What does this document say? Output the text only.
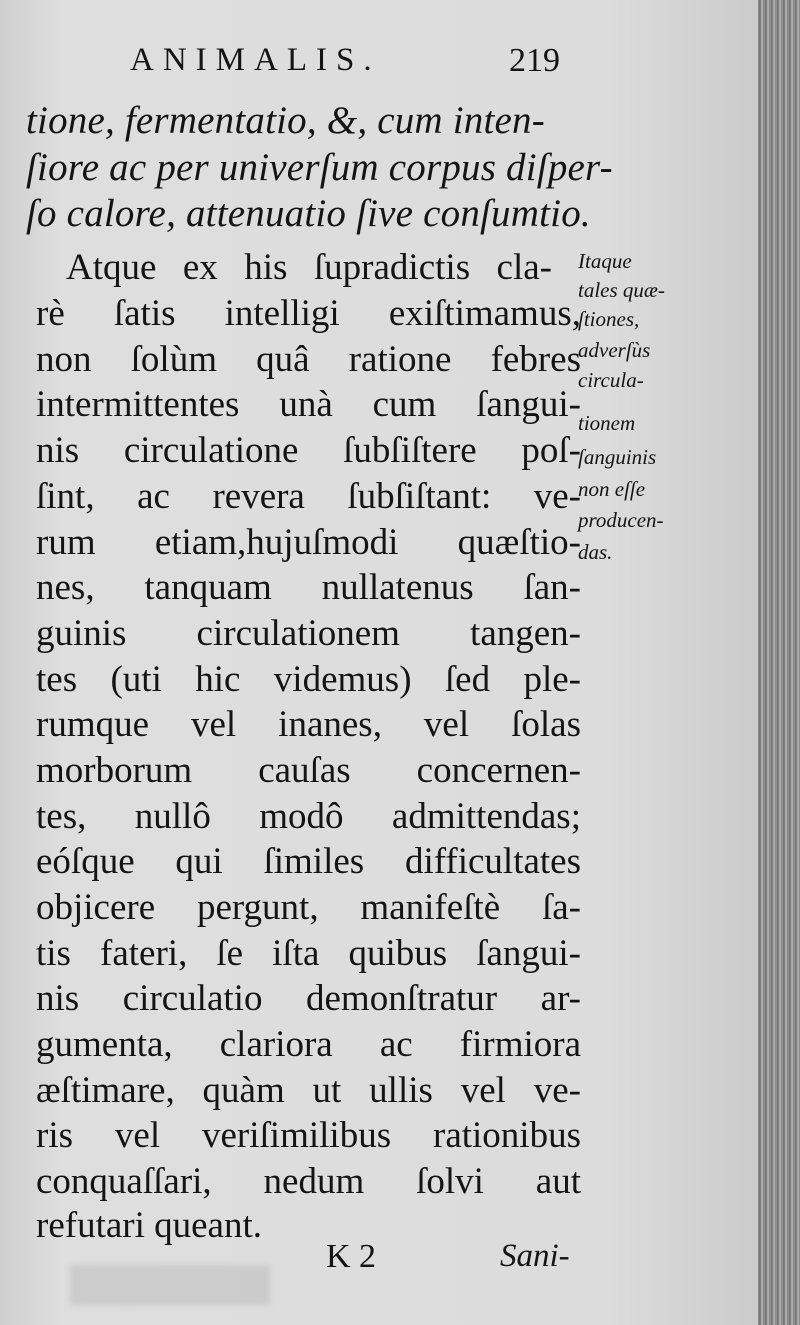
ANIMALIS.	219
tione, fermentatio, &, cum inten-
ſiore ac per univerſum corpus diſper-
ſo calore, attenuatio ſive conſumtio.
Atque ex his ſupradictis cla-
rè ſatis intelligi exiſtimamus,
non ſolùm quâ ratione febres
intermittentes unà cum ſangui-
nis circulatione ſubſiſtere poſ-
ſint, ac revera ſubſiſtant: ve-
rum etiam,hujuſmodi quæſtio-
nes, tanquam nullatenus ſan-
guinis circulationem tangen-
tes (uti hic videmus) ſed ple-
rumque vel inanes, vel ſolas
morborum cauſas concernen-
tes, nullô modô admittendas;
eóſque qui ſimiles difficultates
objicere pergunt, manifeſtè ſa-
tis fateri, ſe iſta quibus ſangui-
nis circulatio demonſtratur ar-
gumenta, clariora ac firmiora
æſtimare, quàm ut ullis vel ve-
ris vel veriſimilibus rationibus
conquaſſari, nedum ſolvi aut
refutari queant.
Itaque
tales quæ-
ſtiones,
adverſùs
circula-
tionem
ſanguinis
non eſſe
producen-
das.
K 2	Sani-
